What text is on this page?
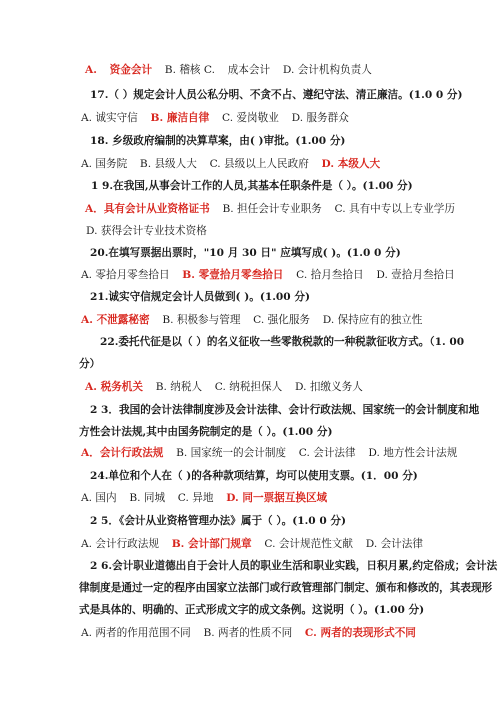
A. 资金会计 B. 稽核 C. 成本会计 D. 会计机构负责人
17.（ ）规定会计人员公私分明、不贪不占、遵纪守法、清正廉洁。(1.0 0 分)
A. 诚实守信 B. 廉洁自律 C. 爱岗敬业 D. 服务群众
18. 乡级政府编制的决算草案，由( )审批。(1.00 分)
A. 国务院 B. 县级人大 C. 县级以上人民政府 D. 本级人大
1 9.在我国,从事会计工作的人员,其基本任职条件是（ ）。(1.00 分)
A．具有会计从业资格证书 B. 担任会计专业职务 C. 具有中专以上专业学历
D. 获得会计专业技术资格
20.在填写票据出票时，"10 月 30 日" 应填写成( )。(1.0 0 分)
A. 零拾月零叁拾日 B. 零壹拾月零叁拾日 C. 拾月叁拾日 D. 壹拾月叁拾日
21.诚实守信规定会计人员做到( )。(1.00 分)
A. 不泄露秘密 B. 积极参与管理 C. 强化服务 D. 保持应有的独立性
22.委托代征是以（ ）的名义征收一些零散税款的一种税款征收方式。（1. 00
分）
A. 税务机关 B. 纳税人 C. 纳税担保人 D. 扣缴义务人
2 3．我国的会计法律制度涉及会计法律、会计行政法规、国家统一的会计制度和地
方性会计法规,其中由国务院制定的是（ ）。(1.00 分)
A．会计行政法规 B. 国家统一的会计制度 C. 会计法律 D. 地方性会计法规
24.单位和个人在（ )的各种款项结算，均可以使用支票。(1．00 分)
A. 国内 B. 同城 C. 异地 D. 同一票据互换区域
2 5．《会计从业资格管理办法》属于（ ）。(1.0 0 分)
A. 会计行政法规 B. 会计部门规章 C. 会计规范性文献 D. 会计法律
2 6.会计职业道德出自于会计人员的职业生活和职业实践，日积月累,约定俗成；会计法
律制度是通过一定的程序由国家立法部门或行政管理部门制定、颁布和修改的，其表现形
式是具体的、明确的、正式形成文字的成文条例。这说明（ ）。(1.00 分)
A. 两者的作用范围不同 B. 两者的性质不同 C. 两者的表现形式不同
